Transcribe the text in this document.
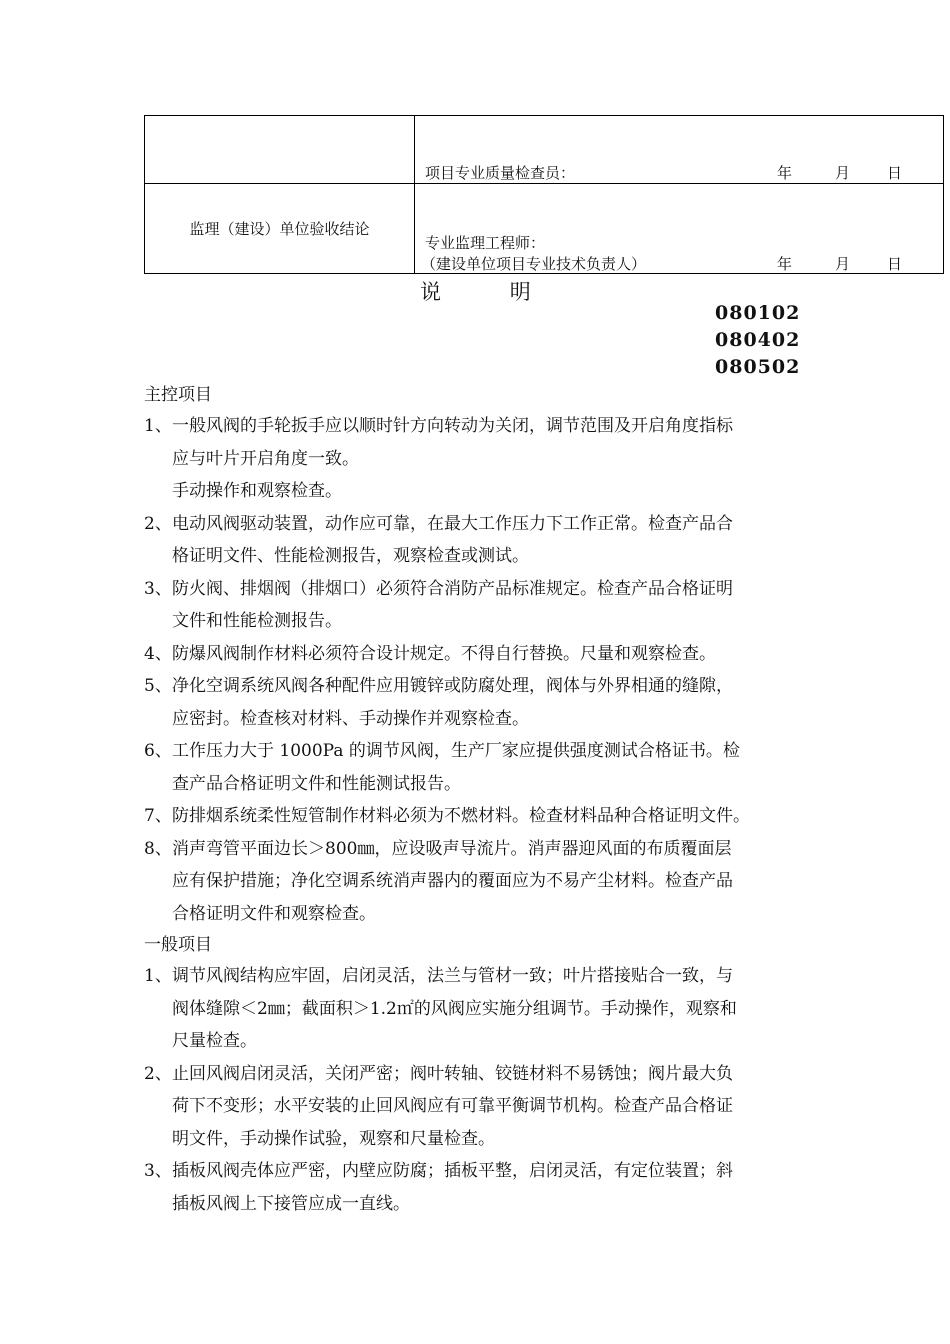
	项目专业质量检查员： 年 月 日

监理（建设）单位验收结论	专业监理工程师：
（建设单位项目专业技术负责人） 年 月 日
说	明
080102
080402
080502
主控项目
1、一般风阀的手轮扳手应以顺时针方向转动为关闭，调节范围及开启角度指标
应与叶片开启角度一致。
手动操作和观察检查。
2、电动风阀驱动装置，动作应可靠，在最大工作压力下工作正常。检查产品合
格证明文件、性能检测报告，观察检查或测试。
3、防火阀、排烟阀（排烟口）必须符合消防产品标准规定。检查产品合格证明
文件和性能检测报告。
4、防爆风阀制作材料必须符合设计规定。不得自行替换。尺量和观察检查。
5、净化空调系统风阀各种配件应用镀锌或防腐处理，阀体与外界相通的缝隙，
应密封。检查核对材料、手动操作并观察检查。
6、工作压力大于 1000Pa 的调节风阀，生产厂家应提供强度测试合格证书。检
查产品合格证明文件和性能测试报告。
7、防排烟系统柔性短管制作材料必须为不燃材料。检查材料品种合格证明文件。
8、消声弯管平面边长＞800㎜，应设吸声导流片。消声器迎风面的布质覆面层
应有保护措施；净化空调系统消声器内的覆面应为不易产尘材料。检查产品
合格证明文件和观察检查。
一般项目
1、调节风阀结构应牢固，启闭灵活，法兰与管材一致；叶片搭接贴合一致，与
阀体缝隙＜2㎜；截面积＞1.2㎡的风阀应实施分组调节。手动操作，观察和
尺量检查。
2、止回风阀启闭灵活，关闭严密；阀叶转轴、铰链材料不易锈蚀；阀片最大负
荷下不变形；水平安装的止回风阀应有可靠平衡调节机构。检查产品合格证
明文件，手动操作试验，观察和尺量检查。
3、插板风阀壳体应严密，内壁应防腐；插板平整，启闭灵活，有定位装置；斜
插板风阀上下接管应成一直线。
